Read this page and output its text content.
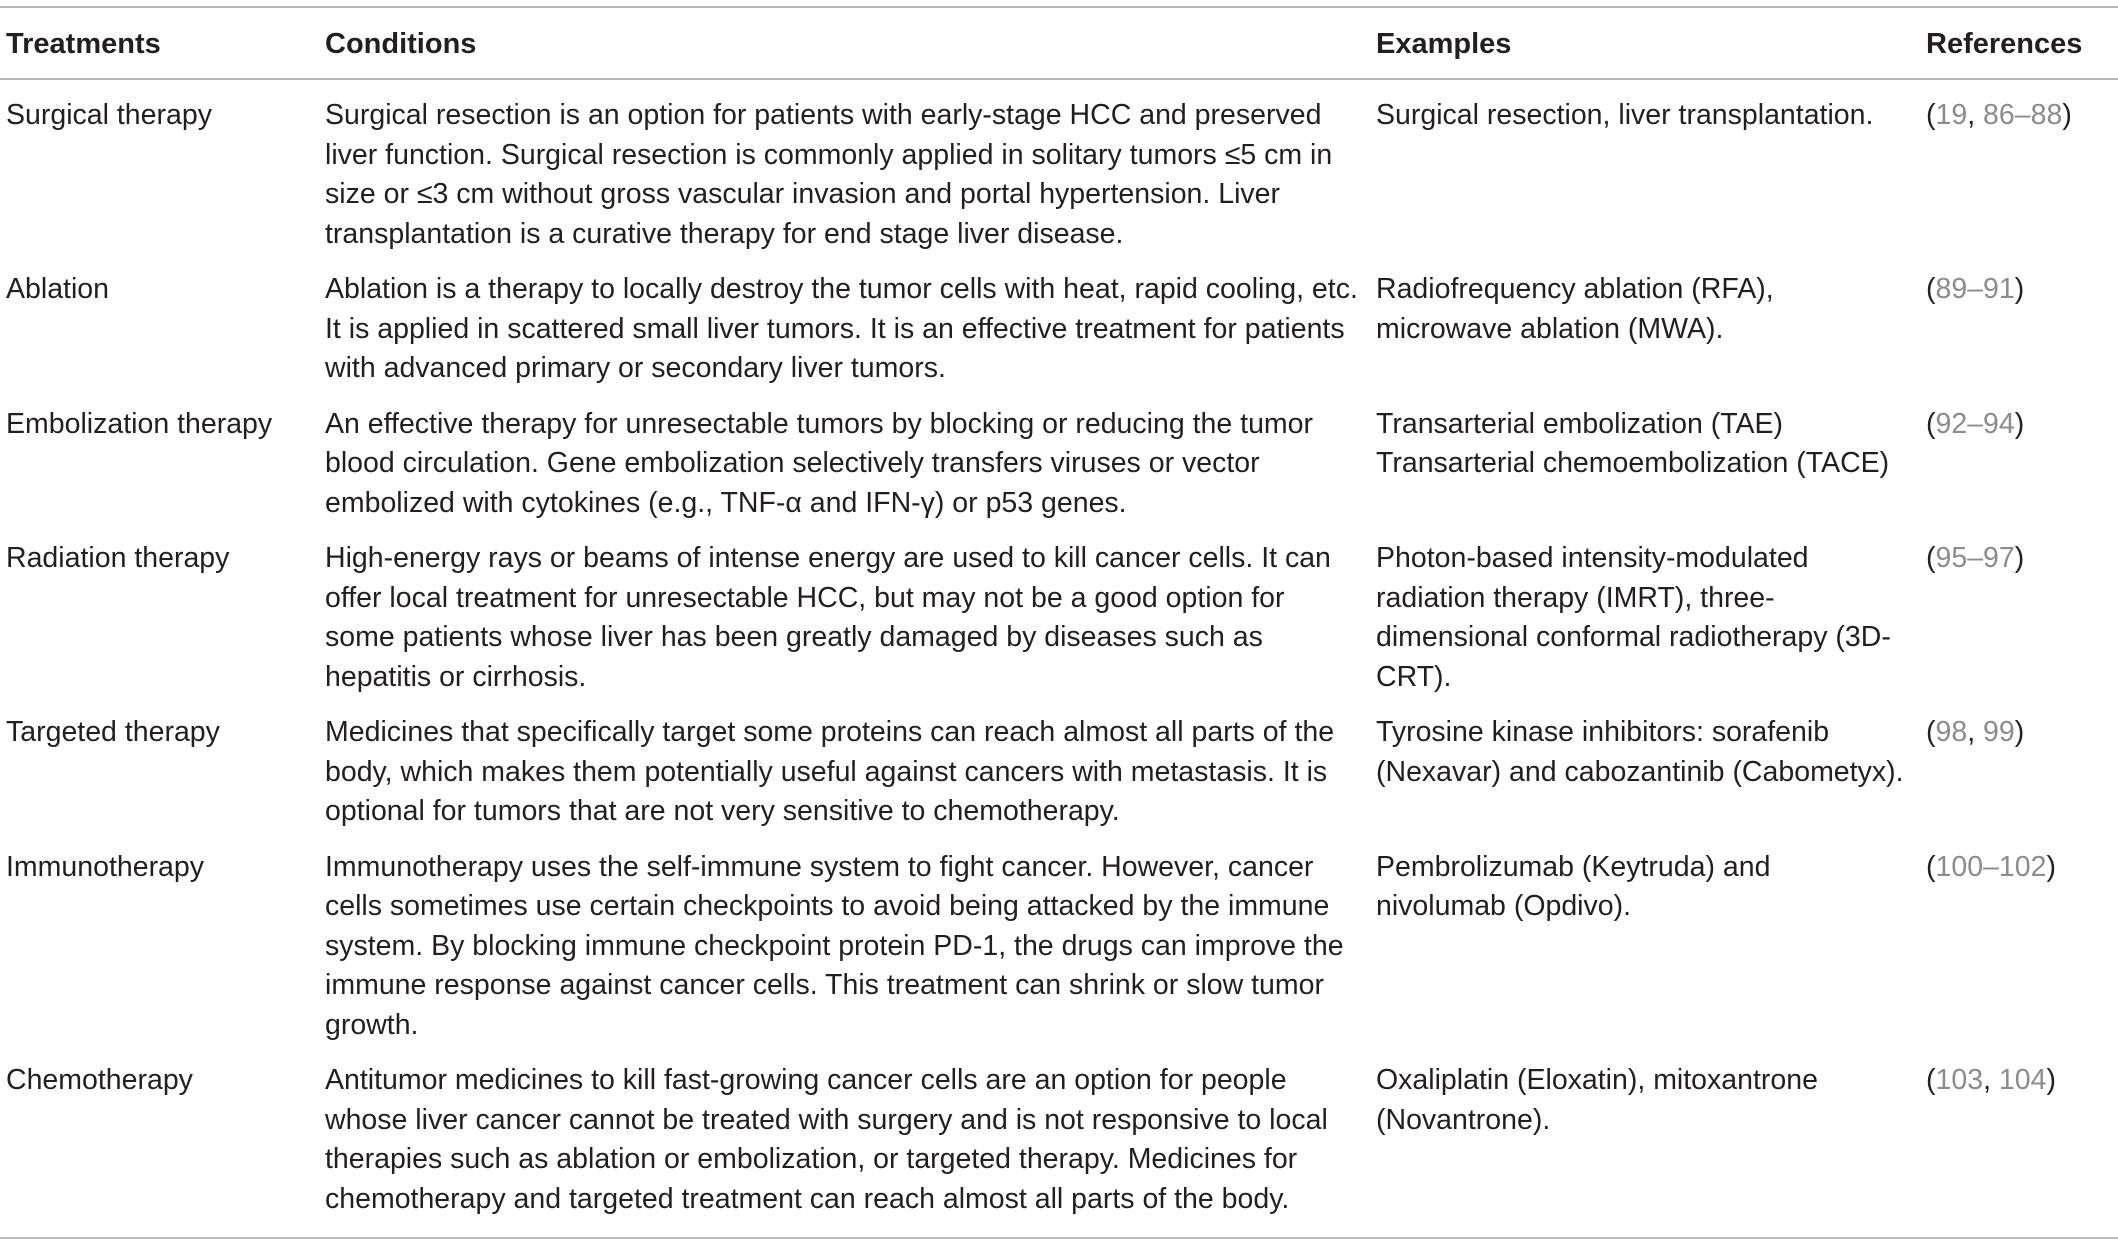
Treatments	Conditions	Examples	References
Surgical therapy	Surgical resection is an option for patients with early-stage HCC and preserved liver function. Surgical resection is commonly applied in solitary tumors ≤5 cm in size or ≤3 cm without gross vascular invasion and portal hypertension. Liver transplantation is a curative therapy for end stage liver disease.	Surgical resection, liver transplantation.	(19, 86–88)
Ablation	Ablation is a therapy to locally destroy the tumor cells with heat, rapid cooling, etc. It is applied in scattered small liver tumors. It is an effective treatment for patients with advanced primary or secondary liver tumors.	Radiofrequency ablation (RFA), microwave ablation (MWA).	(89–91)
Embolization therapy	An effective therapy for unresectable tumors by blocking or reducing the tumor blood circulation. Gene embolization selectively transfers viruses or vector embolized with cytokines (e.g., TNF-α and IFN-γ) or p53 genes.	Transarterial embolization (TAE) Transarterial chemoembolization (TACE)	(92–94)
Radiation therapy	High-energy rays or beams of intense energy are used to kill cancer cells. It can offer local treatment for unresectable HCC, but may not be a good option for some patients whose liver has been greatly damaged by diseases such as hepatitis or cirrhosis.	Photon-based intensity-modulated radiation therapy (IMRT), three-dimensional conformal radiotherapy (3D-CRT).	(95–97)
Targeted therapy	Medicines that specifically target some proteins can reach almost all parts of the body, which makes them potentially useful against cancers with metastasis. It is optional for tumors that are not very sensitive to chemotherapy.	Tyrosine kinase inhibitors: sorafenib (Nexavar) and cabozantinib (Cabometyx).	(98, 99)
Immunotherapy	Immunotherapy uses the self-immune system to fight cancer. However, cancer cells sometimes use certain checkpoints to avoid being attacked by the immune system. By blocking immune checkpoint protein PD-1, the drugs can improve the immune response against cancer cells. This treatment can shrink or slow tumor growth.	Pembrolizumab (Keytruda) and nivolumab (Opdivo).	(100–102)
Chemotherapy	Antitumor medicines to kill fast-growing cancer cells are an option for people whose liver cancer cannot be treated with surgery and is not responsive to local therapies such as ablation or embolization, or targeted therapy. Medicines for chemotherapy and targeted treatment can reach almost all parts of the body.	Oxaliplatin (Eloxatin), mitoxantrone (Novantrone).	(103, 104)
